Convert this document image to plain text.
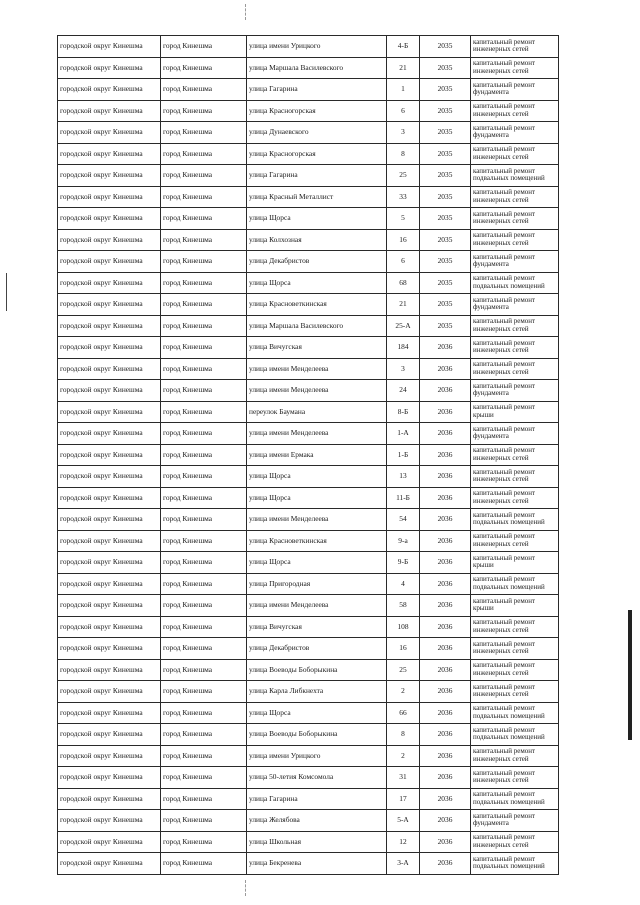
городской округ Кинешма	город Кинешма	улица имени Урицкого	4-Б	2035	капитальный ремонт инженерных сетей
городской округ Кинешма	город Кинешма	улица Маршала Василевского	21	2035	капитальный ремонт инженерных сетей
городской округ Кинешма	город Кинешма	улица Гагарина	1	2035	капитальный ремонт фундамента
городской округ Кинешма	город Кинешма	улица Красногорская	6	2035	капитальный ремонт инженерных сетей
городской округ Кинешма	город Кинешма	улица Дунаевского	3	2035	капитальный ремонт фундамента
городской округ Кинешма	город Кинешма	улица Красногорская	8	2035	капитальный ремонт инженерных сетей
городской округ Кинешма	город Кинешма	улица Гагарина	25	2035	капитальный ремонт подвальных помещений
городской округ Кинешма	город Кинешма	улица Красный Металлист	33	2035	капитальный ремонт инженерных сетей
городской округ Кинешма	город Кинешма	улица Щорса	5	2035	капитальный ремонт инженерных сетей
городской округ Кинешма	город Кинешма	улица Колхозная	16	2035	капитальный ремонт инженерных сетей
городской округ Кинешма	город Кинешма	улица Декабристов	6	2035	капитальный ремонт фундамента
городской округ Кинешма	город Кинешма	улица Щорса	68	2035	капитальный ремонт подвальных помещений
городской округ Кинешма	город Кинешма	улица Красноветкинская	21	2035	капитальный ремонт фундамента
городской округ Кинешма	город Кинешма	улица Маршала Василевского	25-А	2035	капитальный ремонт инженерных сетей
городской округ Кинешма	город Кинешма	улица Вичугская	184	2036	капитальный ремонт инженерных сетей
городской округ Кинешма	город Кинешма	улица имени Менделеева	3	2036	капитальный ремонт инженерных сетей
городской округ Кинешма	город Кинешма	улица имени Менделеева	24	2036	капитальный ремонт фундамента
городской округ Кинешма	город Кинешма	переулок Баумана	8-Б	2036	капитальный ремонт крыши
городской округ Кинешма	город Кинешма	улица имени Менделеева	1-А	2036	капитальный ремонт фундамента
городской округ Кинешма	город Кинешма	улица имени Ермака	1-Б	2036	капитальный ремонт инженерных сетей
городской округ Кинешма	город Кинешма	улица Щорса	13	2036	капитальный ремонт инженерных сетей
городской округ Кинешма	город Кинешма	улица Щорса	11-Б	2036	капитальный ремонт инженерных сетей
городской округ Кинешма	город Кинешма	улица имени Менделеева	54	2036	капитальный ремонт подвальных помещений
городской округ Кинешма	город Кинешма	улица Красноветкинская	9-а	2036	капитальный ремонт инженерных сетей
городской округ Кинешма	город Кинешма	улица Щорса	9-Б	2036	капитальный ремонт крыши
городской округ Кинешма	город Кинешма	улица Пригородная	4	2036	капитальный ремонт подвальных помещений
городской округ Кинешма	город Кинешма	улица имени Менделеева	58	2036	капитальный ремонт крыши
городской округ Кинешма	город Кинешма	улица Вичугская	108	2036	капитальный ремонт инженерных сетей
городской округ Кинешма	город Кинешма	улица Декабристов	16	2036	капитальный ремонт инженерных сетей
городской округ Кинешма	город Кинешма	улица Воеводы Боборыкина	25	2036	капитальный ремонт инженерных сетей
городской округ Кинешма	город Кинешма	улица Карла Либкнехта	2	2036	капитальный ремонт инженерных сетей
городской округ Кинешма	город Кинешма	улица Щорса	66	2036	капитальный ремонт подвальных помещений
городской округ Кинешма	город Кинешма	улица Воеводы Боборыкина	8	2036	капитальный ремонт подвальных помещений
городской округ Кинешма	город Кинешма	улица имени Урицкого	2	2036	капитальный ремонт инженерных сетей
городской округ Кинешма	город Кинешма	улица 50-летия Комсомола	31	2036	капитальный ремонт инженерных сетей
городской округ Кинешма	город Кинешма	улица Гагарина	17	2036	капитальный ремонт подвальных помещений
городской округ Кинешма	город Кинешма	улица Желябова	5-А	2036	капитальный ремонт фундамента
городской округ Кинешма	город Кинешма	улица Школьная	12	2036	капитальный ремонт инженерных сетей
городской округ Кинешма	город Кинешма	улица Бекренева	3-А	2036	капитальный ремонт подвальных помещений
